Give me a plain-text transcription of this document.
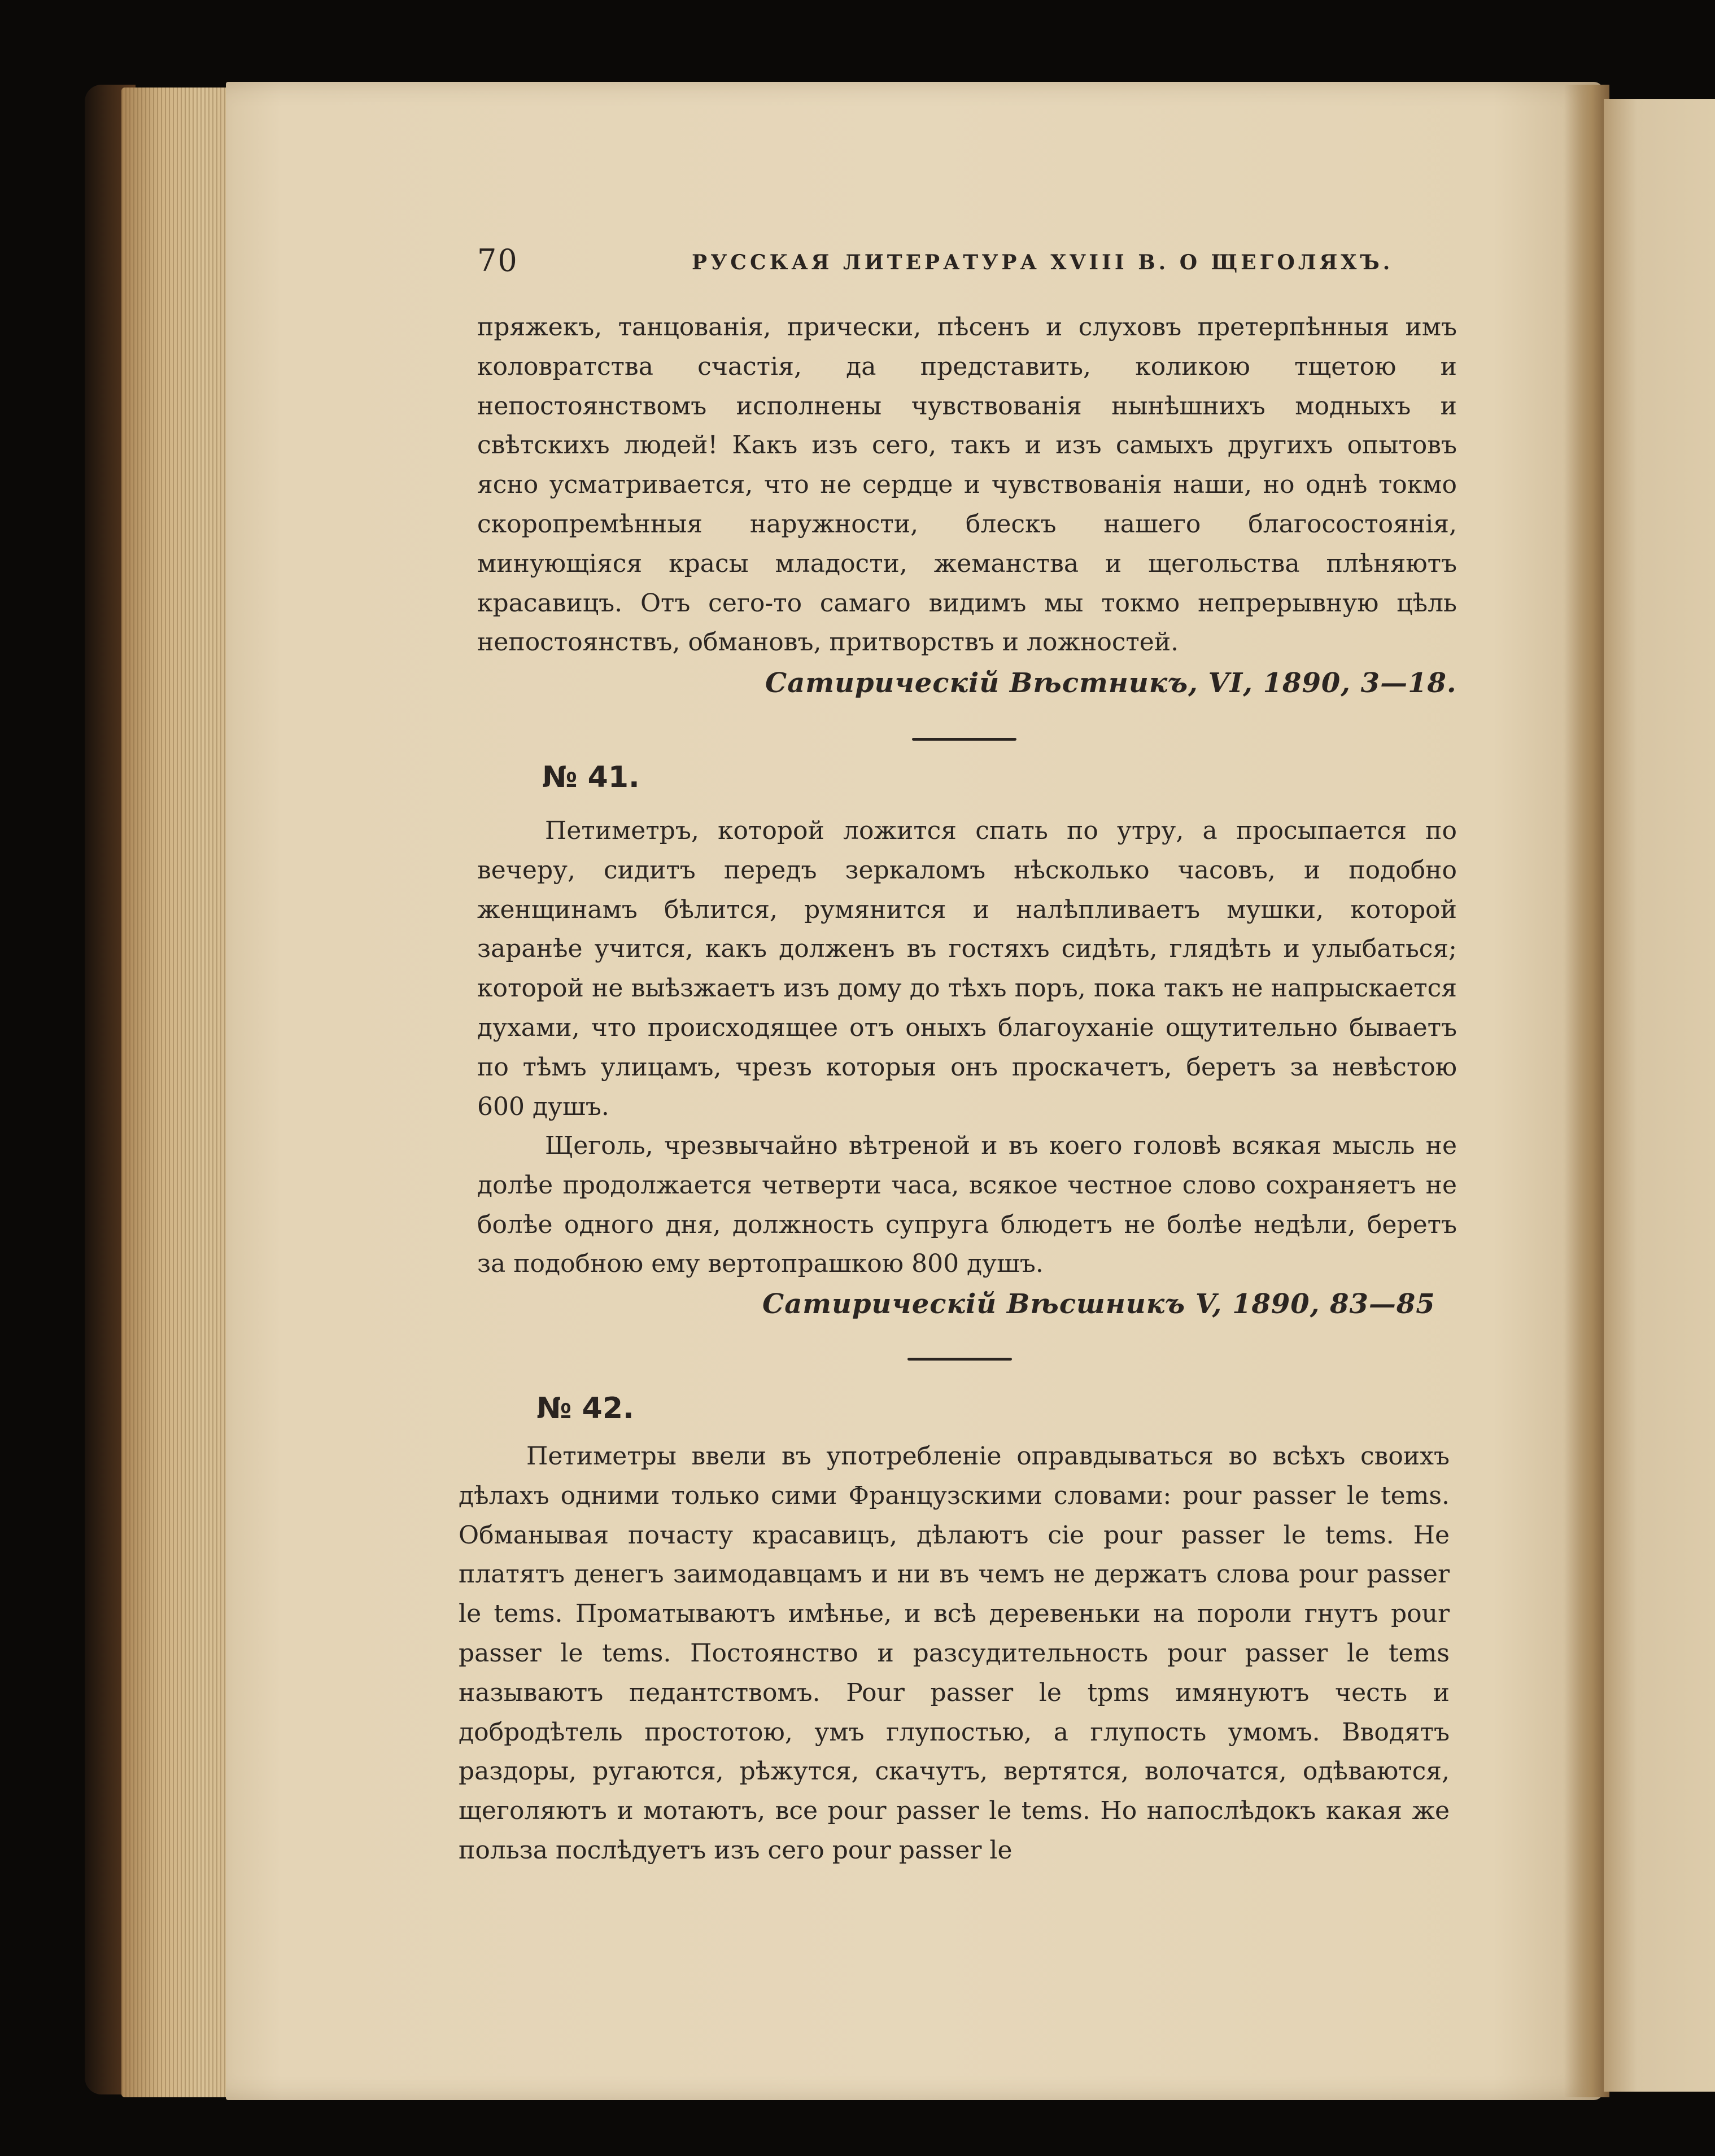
70	РУССКАЯ ЛИТЕРАТУРА XVIII В. О ЩЕГОЛЯХЪ.

пряжекъ, танцованія, прически, пѣсенъ и слуховъ претерпѣнныя имъ коловратства счастія, да представить, коликою тщетою и непостоянствомъ исполнены чувствованія нынѣшнихъ модныхъ и свѣтскихъ людей! Какъ изъ сего, такъ и изъ самыхъ другихъ опытовъ ясно усматривается, что не сердце и чувствованія наши, но однѣ токмо скоропремѣнныя наружности, блескъ нашего благосостоянія, минующіяся красы младости, жеманства и щегольства плѣняютъ красавицъ. Отъ сего-то самаго видимъ мы токмо непрерывную цѣль непостоянствъ, обмановъ, притворствъ и ложностей.

Сатирическій Вѣстникъ, VI, 1890, 3—18.
№ 41.

Петиметръ, которой ложится спать по утру, а просыпается по вечеру, сидитъ передъ зеркаломъ нѣсколько часовъ, и подобно женщинамъ бѣлится, румянится и налѣпливаетъ мушки, которой заранѣе учится, какъ долженъ въ гостяхъ сидѣть, глядѣть и улыбаться; которой не выѣзжаетъ изъ дому до тѣхъ поръ, пока такъ не напрыскается духами, что происходящее отъ оныхъ благоуханіе ощутительно бываетъ по тѣмъ улицамъ, чрезъ которыя онъ проскачетъ, беретъ за невѣстою 600 душъ.

Щеголь, чрезвычайно вѣтреной и въ коего головѣ всякая мысль не долѣе продолжается четверти часа, всякое честное слово сохраняетъ не болѣе одного дня, должность супруга блюдетъ не болѣе недѣли, беретъ за подобною ему вертопрашкою 800 душъ.

Сатирическій Вѣсшникъ V, 1890, 83—85
№ 42.

Петиметры ввели въ употребленіе оправдываться во всѣхъ своихъ дѣлахъ одними только сими Французскими словами: pour passer le tems. Обманывая почасту красавицъ, дѣлаютъ сіе pour passer le tems. Не платятъ денегъ заимодавцамъ и ни въ чемъ не держатъ слова pour passer le tems. Проматываютъ имѣнье, и всѣ деревеньки на пороли гнутъ pour passer le tems. Постоянство и разсудительность pour passer le tems называютъ педантствомъ. Pour passer le tpms имянуютъ честь и добродѣтель простотою, умъ глупостью, а глупость умомъ. Вводятъ раздоры, ругаются, рѣжутся, скачутъ, вертятся, волочатся, одѣваются, щеголяютъ и мотаютъ, все pour passer le tems. Но напослѣдокъ какая же польза послѣдуетъ изъ сего pour passer le
